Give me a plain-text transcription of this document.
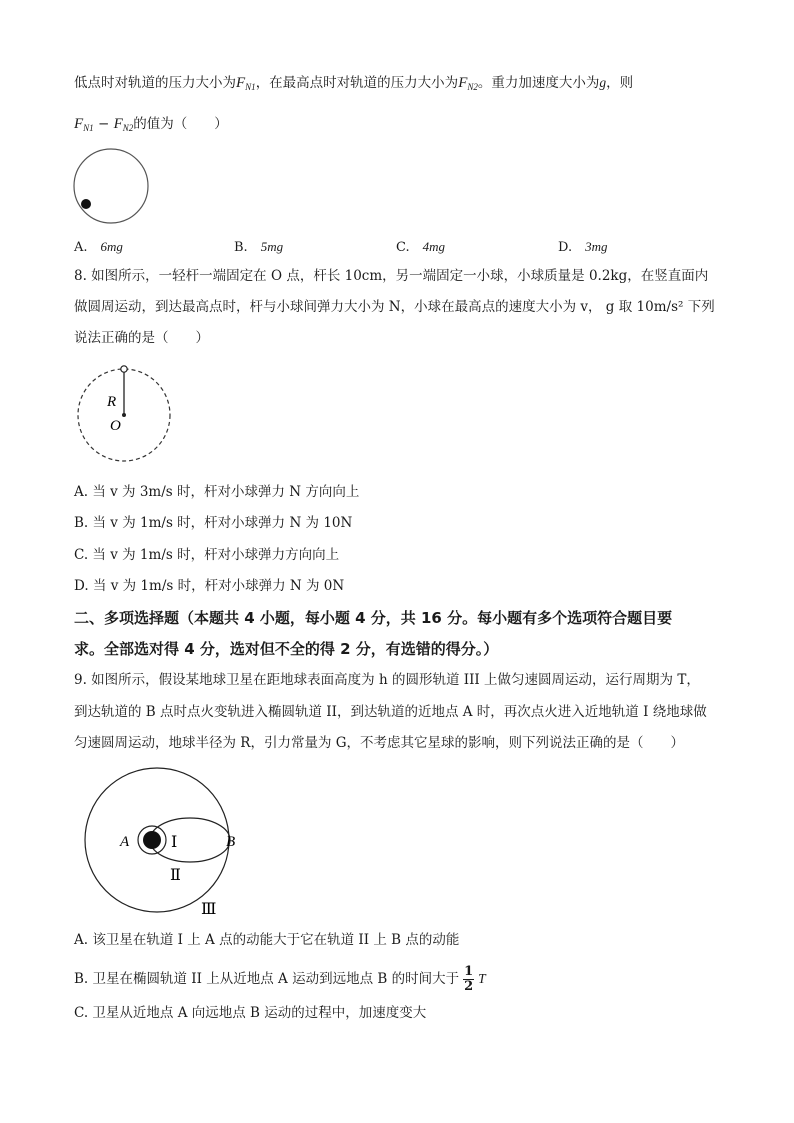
低点时对轨道的压力大小为$F_{N1}$，在最高点时对轨道的压力大小为$F_{N2}$。重力加速度大小为g，则
$F_{N1} - F_{N2}$的值为（　　）
A.　 6mg	B.　 5mg	C.　 4mg	D.　 3mg
8. 如图所示，一轻杆一端固定在 O 点，杆长 10cm，另一端固定一小球，小球质量是 0.2kg，在竖直面内
做圆周运动，到达最高点时，杆与小球间弹力大小为 N，小球在最高点的速度大小为 v， g 取 10m/s² 下列
说法正确的是（　　）
R
O
A. 当 v 为 3m/s 时，杆对小球弹力 N 方向向上
B. 当 v 为 1m/s 时，杆对小球弹力 N 为 10N
C. 当 v 为 1m/s 时，杆对小球弹力方向向上
D. 当 v 为 1m/s 时，杆对小球弹力 N 为 0N
二、多项选择题（本题共 4 小题，每小题 4 分，共 16 分。每小题有多个选项符合题目要
求。全部选对得 4 分，选对但不全的得 2 分，有选错的得分。）
9. 如图所示，假设某地球卫星在距地球表面高度为 h 的圆形轨道 III 上做匀速圆周运动，运行周期为 T，
到达轨道的 B 点时点火变轨进入椭圆轨道 II，到达轨道的近地点 A 时，再次点火进入近地轨道 I 绕地球做
匀速圆周运动，地球半径为 R，引力常量为 G，不考虑其它星球的影响，则下列说法正确的是（　　）
A	Ⅰ	B
Ⅱ
Ⅲ
A. 该卫星在轨道 I 上 A 点的动能大于它在轨道 II 上 B 点的动能
B. 卫星在椭圆轨道 II 上从近地点 A 运动到远地点 B 的时间大于 $\frac{1}{2}$ T
C. 卫星从近地点 A 向远地点 B 运动的过程中，加速度变大
